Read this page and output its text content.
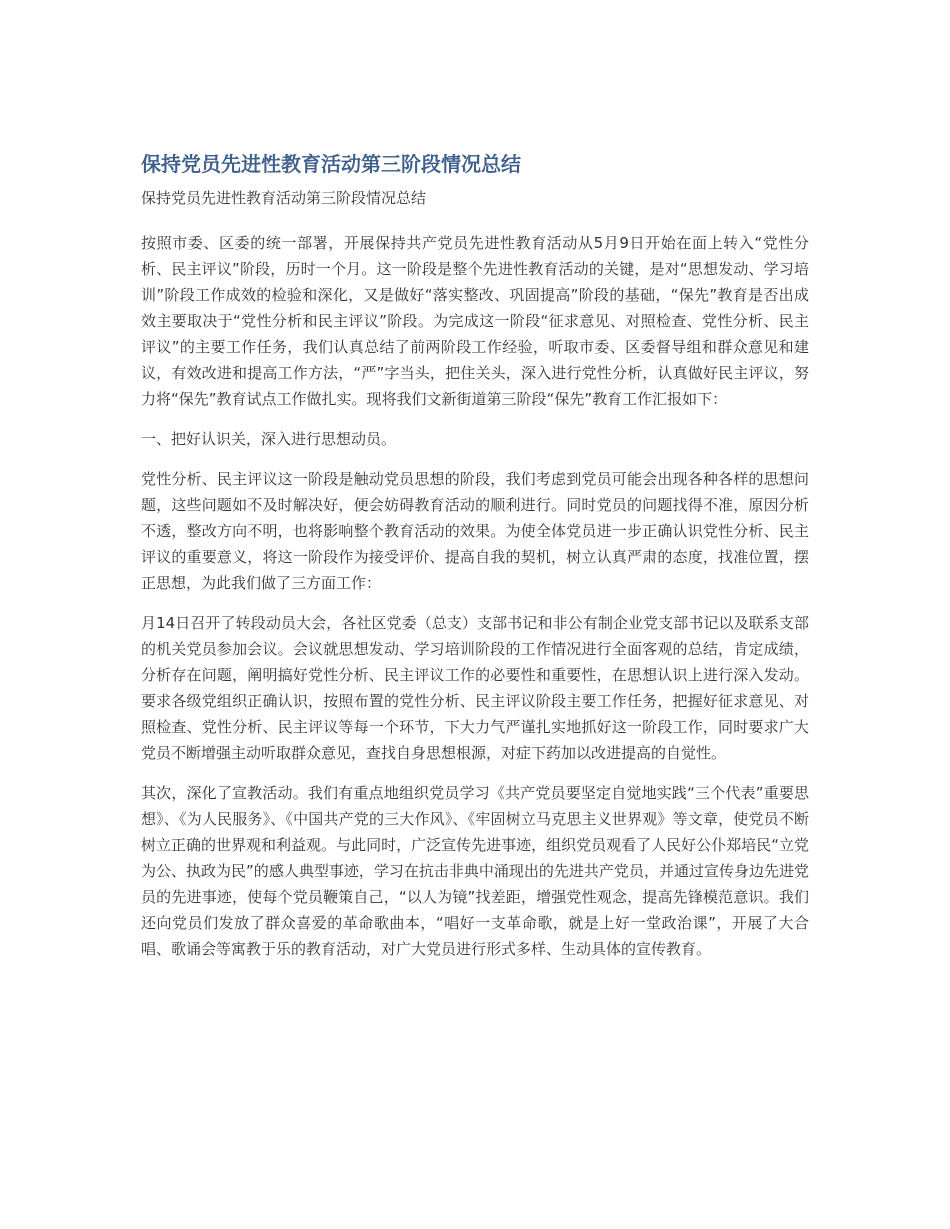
保持党员先进性教育活动第三阶段情况总结
保持党员先进性教育活动第三阶段情况总结

按照市委、区委的统一部署，开展保持共产党员先进性教育活动从5月9日开始在面上转入“党性分析、民主评议”阶段，历时一个月。这一阶段是整个先进性教育活动的关键，是对“思想发动、学习培训”阶段工作成效的检验和深化，又是做好“落实整改、巩固提高”阶段的基础，“保先”教育是否出成效主要取决于“党性分析和民主评议”阶段。为完成这一阶段“征求意见、对照检查、党性分析、民主评议”的主要工作任务，我们认真总结了前两阶段工作经验，听取市委、区委督导组和群众意见和建议，有效改进和提高工作方法，“严”字当头，把住关头，深入进行党性分析，认真做好民主评议，努力将“保先”教育试点工作做扎实。现将我们文新街道第三阶段“保先”教育工作汇报如下：

一、把好认识关，深入进行思想动员。

党性分析、民主评议这一阶段是触动党员思想的阶段，我们考虑到党员可能会出现各种各样的思想问题，这些问题如不及时解决好，便会妨碍教育活动的顺利进行。同时党员的问题找得不准，原因分析不透，整改方向不明，也将影响整个教育活动的效果。为使全体党员进一步正确认识党性分析、民主评议的重要意义，将这一阶段作为接受评价、提高自我的契机，树立认真严肃的态度，找准位置，摆正思想，为此我们做了三方面工作：

月14日召开了转段动员大会，各社区党委（总支）支部书记和非公有制企业党支部书记以及联系支部的机关党员参加会议。会议就思想发动、学习培训阶段的工作情况进行全面客观的总结，肯定成绩，分析存在问题，阐明搞好党性分析、民主评议工作的必要性和重要性，在思想认识上进行深入发动。要求各级党组织正确认识，按照布置的党性分析、民主评议阶段主要工作任务，把握好征求意见、对照检查、党性分析、民主评议等每一个环节，下大力气严谨扎实地抓好这一阶段工作，同时要求广大党员不断增强主动听取群众意见，查找自身思想根源，对症下药加以改进提高的自觉性。

其次，深化了宣教活动。我们有重点地组织党员学习《共产党员要坚定自觉地实践“三个代表”重要思想》、《为人民服务》、《中国共产党的三大作风》、《牢固树立马克思主义世界观》等文章，使党员不断树立正确的世界观和利益观。与此同时，广泛宣传先进事迹，组织党员观看了人民好公仆郑培民“立党为公、执政为民”的感人典型事迹，学习在抗击非典中涌现出的先进共产党员，并通过宣传身边先进党员的先进事迹，使每个党员鞭策自己，“以人为镜”找差距，增强党性观念，提高先锋模范意识。我们还向党员们发放了群众喜爱的革命歌曲本，“唱好一支革命歌，就是上好一堂政治课”，开展了大合唱、歌诵会等寓教于乐的教育活动，对广大党员进行形式多样、生动具体的宣传教育。
